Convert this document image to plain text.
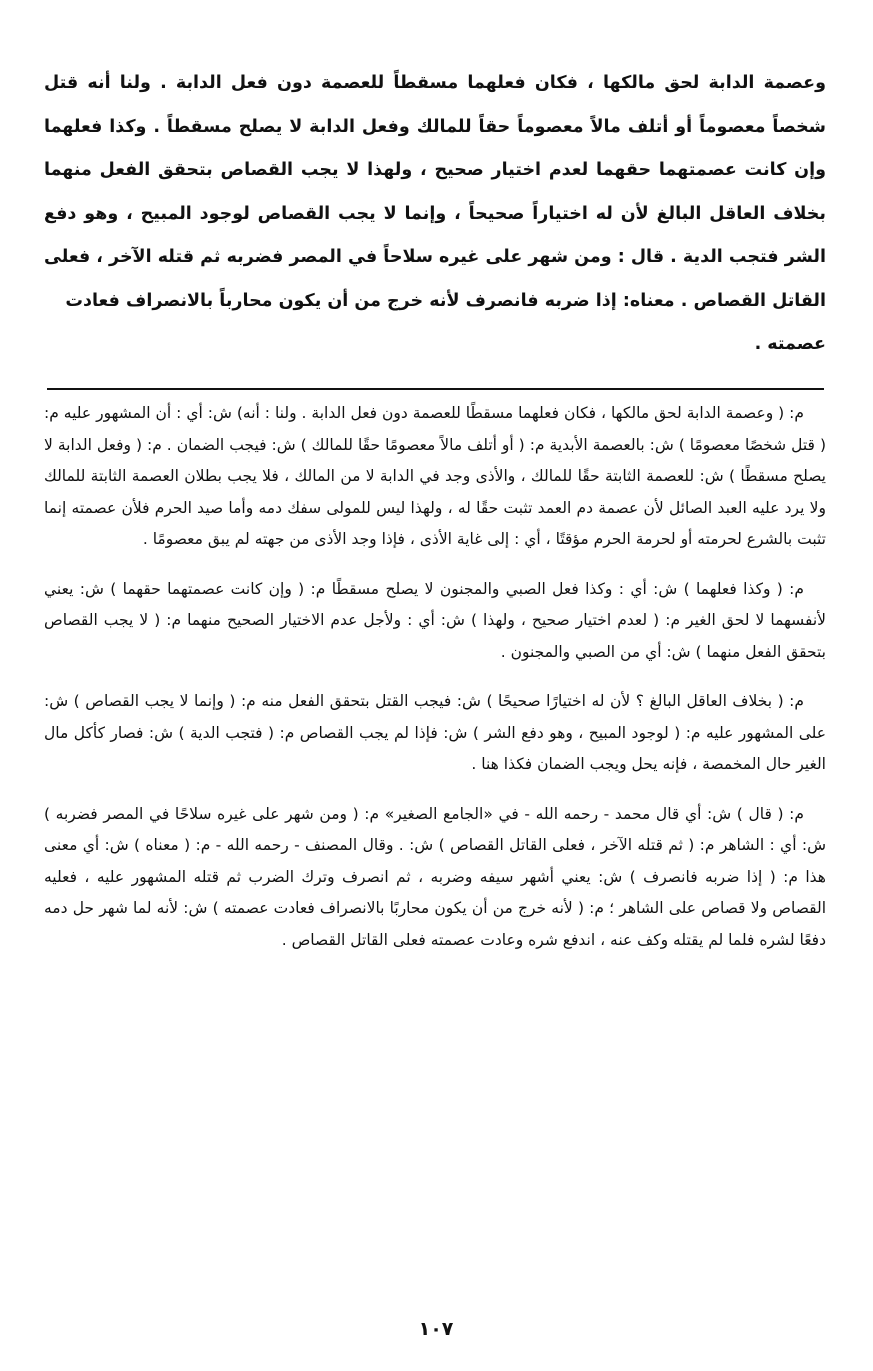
وعصمة الدابة لحق مالكها ، فكان فعلهما مسقطاً للعصمة دون فعل الدابة . ولنا أنه قتل شخصاً معصوماً أو أتلف مالاً معصوماً حقاً للمالك وفعل الدابة لا يصلح مسقطاً . وكذا فعلهما وإن كانت عصمتهما حقهما لعدم اختيار صحيح ، ولهذا لا يجب القصاص بتحقق الفعل منهما بخلاف العاقل البالغ لأن له اختياراً صحيحاً ، وإنما لا يجب القصاص لوجود المبيح ، وهو دفع الشر فتجب الدية . قال : ومن شهر على غيره سلاحاً في المصر فضربه ثم قتله الآخر ، فعلى القاتل القصاص . معناه: إذا ضربه فانصرف لأنه خرج من أن يكون محارباً بالانصراف فعادت
عصمته .

م: ( وعصمة الدابة لحق مالكها ، فكان فعلهما مسقطًا للعصمة دون فعل الدابة . ولنا : أنه) ش: أي : أن المشهور عليه م: ( قتل شخصًا معصومًا ) ش: بالعصمة الأبدية م: ( أو أتلف مالاً معصومًا حقًا للمالك ) ش: فيجب الضمان . م: ( وفعل الدابة لا يصلح مسقطًا ) ش: للعصمة الثابتة حقًا للمالك ، والأذى وجد في الدابة لا من المالك ، فلا يجب بطلان العصمة الثابتة للمالك ولا يرد عليه العبد الصائل لأن عصمة دم العمد تثبت حقًا له ، ولهذا ليس للمولى سفك دمه وأما صيد الحرم فلأن عصمته إنما تثبت بالشرع لحرمته أو لحرمة الحرم مؤقتًا ، أي : إلى غاية الأذى ، فإذا وجد الأذى من جهته لم يبق معصومًا .

م: ( وكذا فعلهما ) ش: أي : وكذا فعل الصبي والمجنون لا يصلح مسقطًا م: ( وإن كانت عصمتهما حقهما ) ش: يعني لأنفسهما لا لحق الغير م: ( لعدم اختيار صحيح ، ولهذا ) ش: أي : ولأجل عدم الاختيار الصحيح منهما م: ( لا يجب القصاص بتحقق الفعل منهما ) ش: أي من الصبي والمجنون .

م: ( بخلاف العاقل البالغ ؟ لأن له اختيارًا صحيحًا ) ش: فيجب القتل بتحقق الفعل منه م: ( وإنما لا يجب القصاص ) ش: على المشهور عليه م: ( لوجود المبيح ، وهو دفع الشر ) ش: فإذا لم يجب القصاص م: ( فتجب الدية ) ش: فصار كأكل مال الغير حال المخمصة ، فإنه يحل ويجب الضمان فكذا هنا .

م: ( قال ) ش: أي قال محمد - رحمه الله - في «الجامع الصغير» م: ( ومن شهر على غيره سلاحًا في المصر فضربه ) ش: أي : الشاهر م: ( ثم قتله الآخر ، فعلى القاتل القصاص ) ش: . وقال المصنف - رحمه الله - م: ( معناه ) ش: أي معنى هذا م: ( إذا ضربه فانصرف ) ش: يعني أشهر سيفه وضربه ، ثم انصرف وترك الضرب ثم قتله المشهور عليه ، فعليه القصاص ولا قصاص على الشاهر ؛ م: ( لأنه خرج من أن يكون محاربًا بالانصراف فعادت عصمته ) ش: لأنه لما شهر حل دمه دفعًا لشره فلما لم يقتله وكف عنه ، اندفع شره وعادت عصمته فعلى القاتل القصاص .

١٠٧
